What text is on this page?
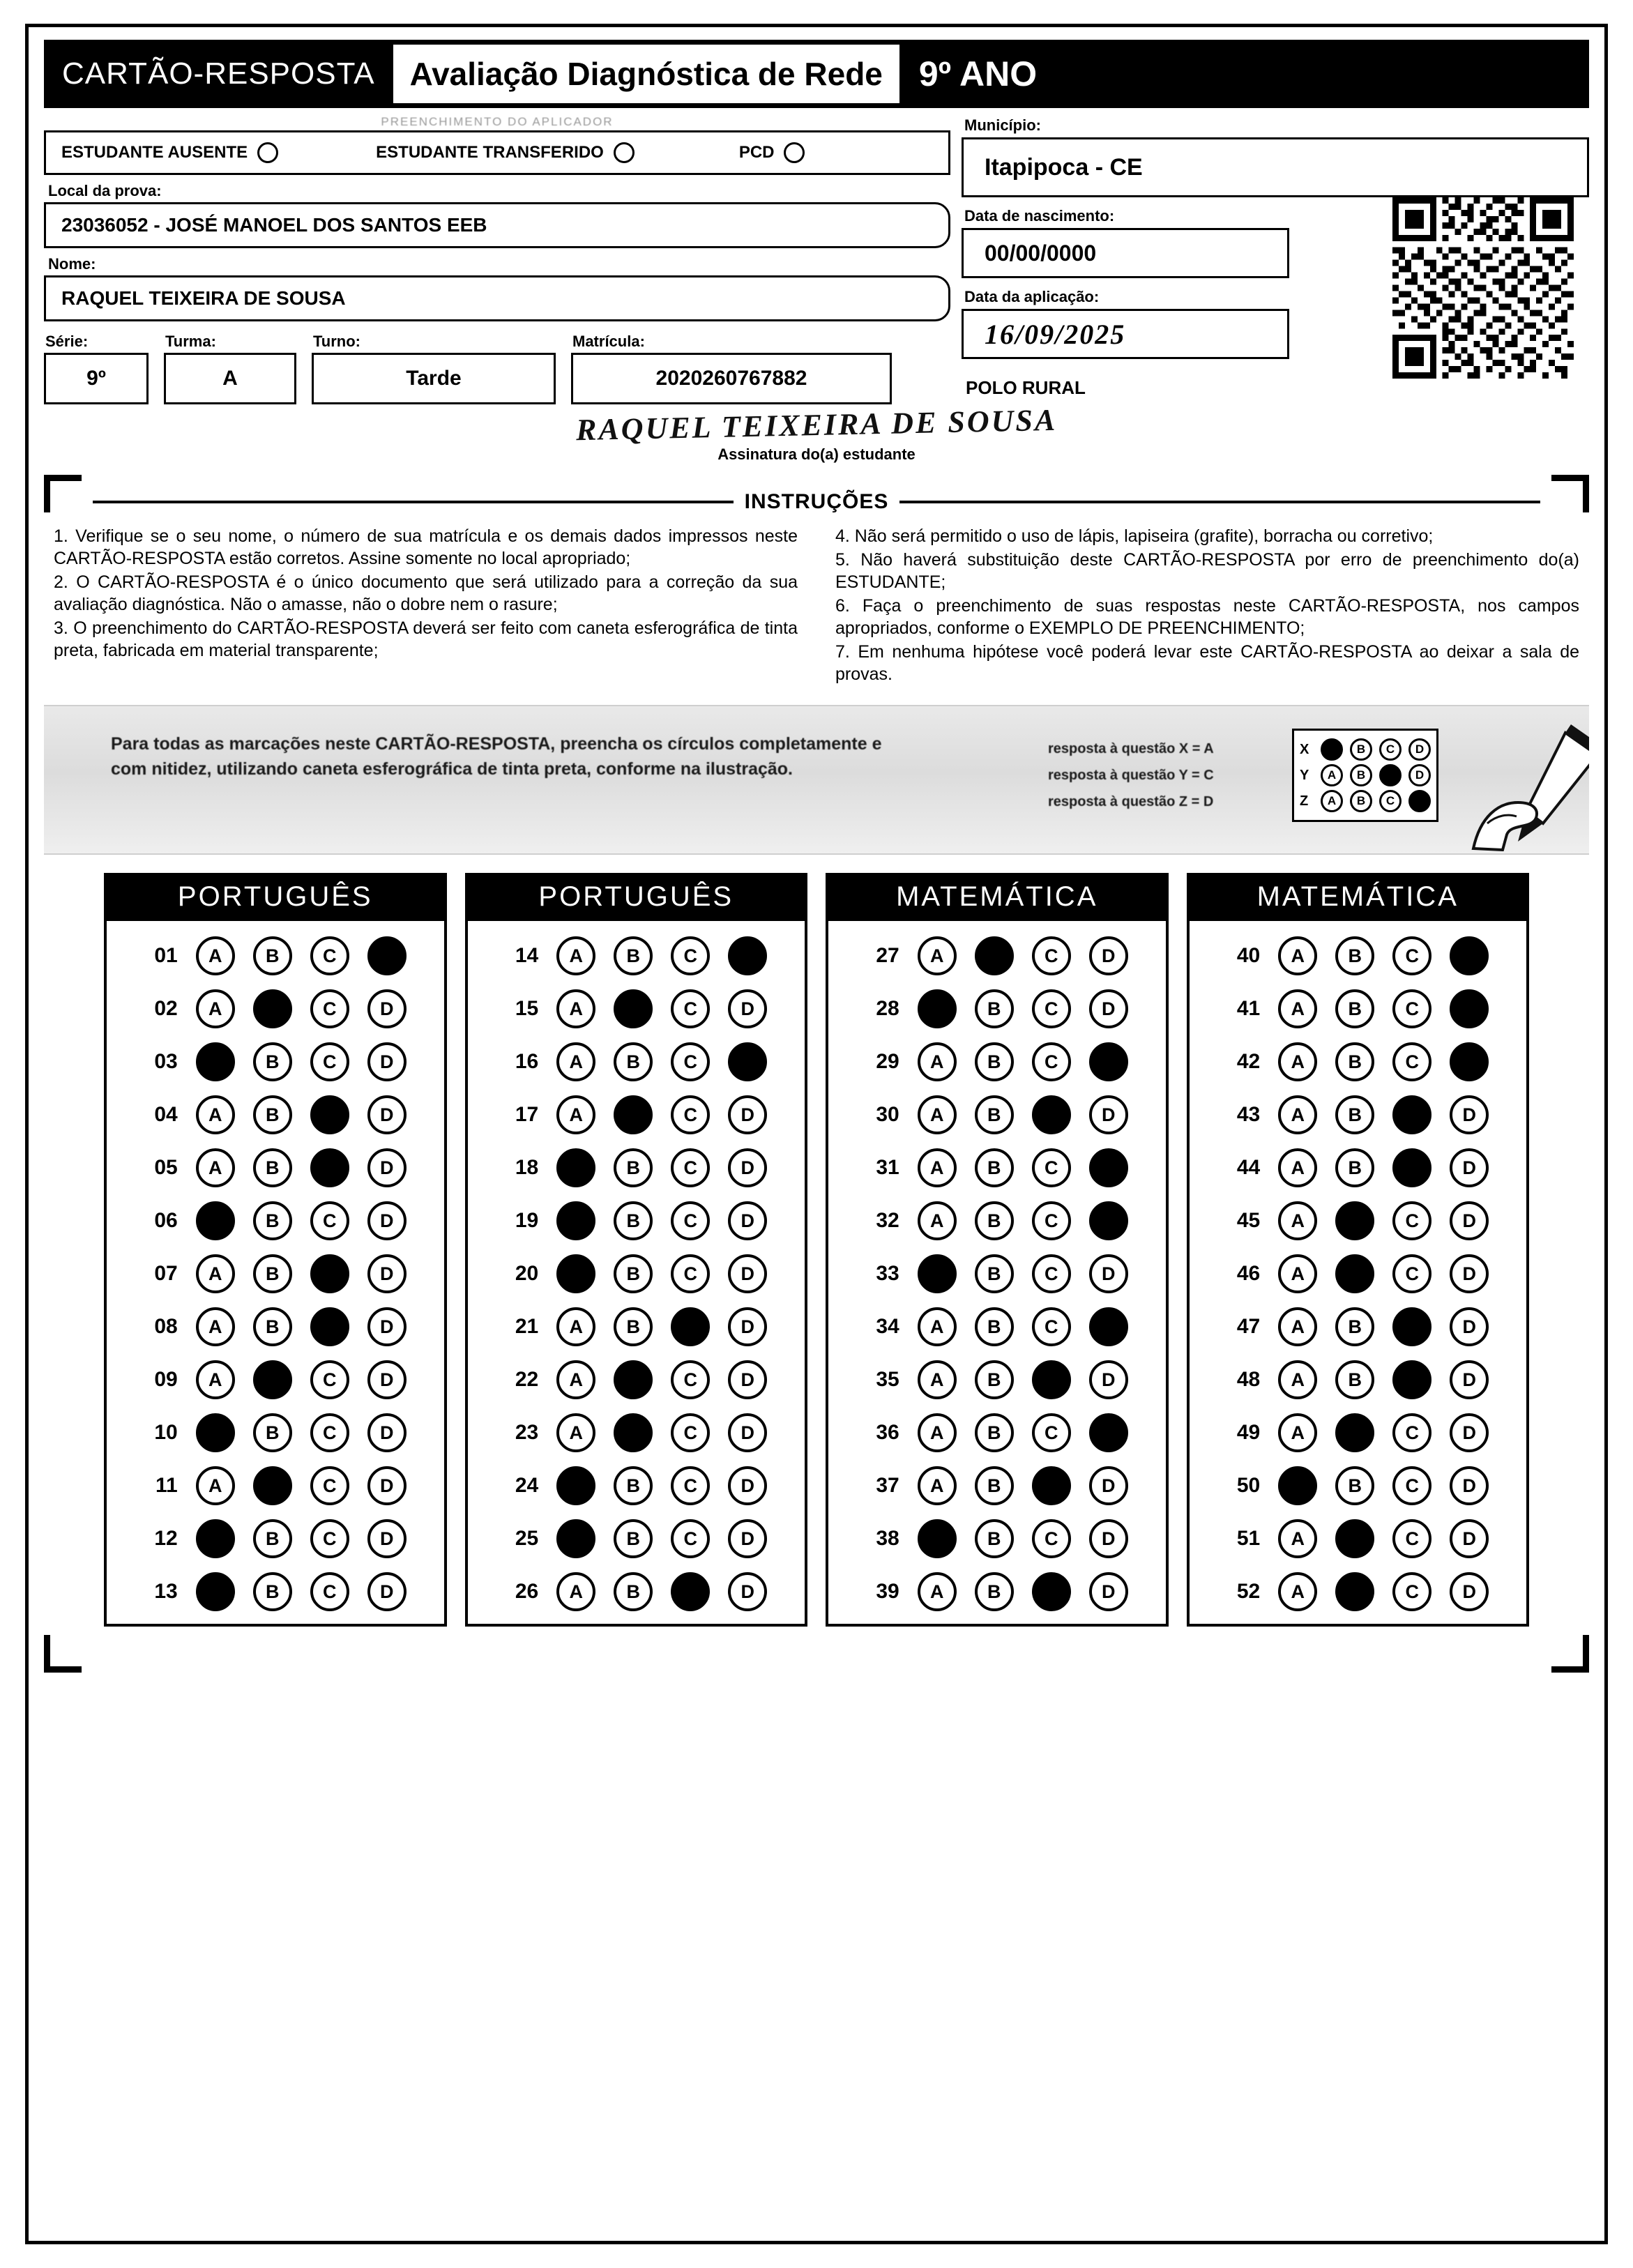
CARTÃO-RESPOSTA	Avaliação Diagnóstica de Rede	9º ANO
PREENCHIMENTO DO APLICADOR
ESTUDANTE AUSENTE	ESTUDANTE TRANSFERIDO	PCD
Local da prova:
23036052 - JOSÉ MANOEL DOS SANTOS EEB
Nome:
RAQUEL TEIXEIRA DE SOUSA
Série:
9º
Turma:
A
Turno:
Tarde
Matrícula:
2020260767882
Município:
Itapipoca - CE
Data de nascimento:
00/00/0000
Data da aplicação:
16/09/2025
POLO RURAL
RAQUEL TEIXEIRA DE SOUSA
Assinatura do(a) estudante
INSTRUÇÕES

1. Verifique se o seu nome, o número de sua matrícula e os demais dados impressos neste CARTÃO-RESPOSTA estão corretos. Assine somente no local apropriado;

2. O CARTÃO-RESPOSTA é o único documento que será utilizado para a correção da sua avaliação diagnóstica. Não o amasse, não o dobre nem o rasure;

3. O preenchimento do CARTÃO-RESPOSTA deverá ser feito com caneta esferográfica de tinta preta, fabricada em material transparente;

4. Não será permitido o uso de lápis, lapiseira (grafite), borracha ou corretivo;

5. Não haverá substituição deste CARTÃO-RESPOSTA por erro de preenchimento do(a) ESTUDANTE;

6. Faça o preenchimento de suas respostas neste CARTÃO-RESPOSTA, nos campos apropriados, conforme o EXEMPLO DE PREENCHIMENTO;

7. Em nenhuma hipótese você poderá levar este CARTÃO-RESPOSTA ao deixar a sala de provas.

Para todas as marcações neste CARTÃO-RESPOSTA, preencha os círculos completamente e com nitidez, utilizando caneta esferográfica de tinta preta, conforme na ilustração.
resposta à questão X = A
resposta à questão Y = C
resposta à questão Z = D
X	A	B	C	D
Y	A	B	C	D
Z	A	B	C	D
PORTUGUÊS
01	A	B	C	D
02	A	B	C	D
03	A	B	C	D
04	A	B	C	D
05	A	B	C	D
06	A	B	C	D
07	A	B	C	D
08	A	B	C	D
09	A	B	C	D
10	A	B	C	D
11	A	B	C	D
12	A	B	C	D
13	A	B	C	D
PORTUGUÊS
14	A	B	C	D
15	A	B	C	D
16	A	B	C	D
17	A	B	C	D
18	A	B	C	D
19	A	B	C	D
20	A	B	C	D
21	A	B	C	D
22	A	B	C	D
23	A	B	C	D
24	A	B	C	D
25	A	B	C	D
26	A	B	C	D
MATEMÁTICA
27	A	B	C	D
28	A	B	C	D
29	A	B	C	D
30	A	B	C	D
31	A	B	C	D
32	A	B	C	D
33	A	B	C	D
34	A	B	C	D
35	A	B	C	D
36	A	B	C	D
37	A	B	C	D
38	A	B	C	D
39	A	B	C	D
MATEMÁTICA
40	A	B	C	D
41	A	B	C	D
42	A	B	C	D
43	A	B	C	D
44	A	B	C	D
45	A	B	C	D
46	A	B	C	D
47	A	B	C	D
48	A	B	C	D
49	A	B	C	D
50	A	B	C	D
51	A	B	C	D
52	A	B	C	D
